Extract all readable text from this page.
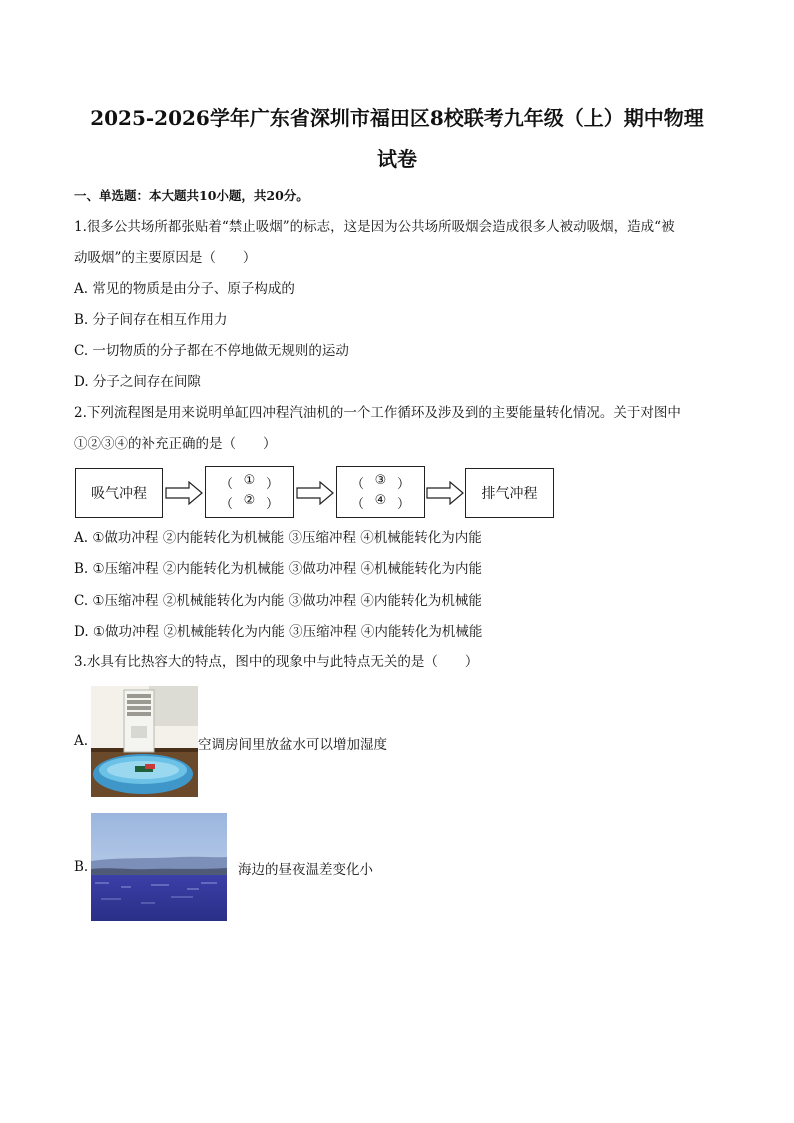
2025-2026学年广东省深圳市福田区8校联考九年级（上）期中物理
试卷
一、单选题：本大题共10小题，共20分。
1.很多公共场所都张贴着“禁止吸烟”的标志，这是因为公共场所吸烟会造成很多人被动吸烟，造成“被
动吸烟”的主要原因是（　　）
A. 常见的物质是由分子、原子构成的
B. 分子间存在相互作用力
C. 一切物质的分子都在不停地做无规则的运动
D. 分子之间存在间隙
2.下列流程图是用来说明单缸四冲程汽油机的一个工作循环及涉及到的主要能量转化情况。关于对图中
①②③④的补充正确的是（　　）
吸气冲程
（ ① ）
（ ② ）
（ ③ ）
（ ④ ）
排气冲程
A. ①做功冲程 ②内能转化为机械能 ③压缩冲程 ④机械能转化为内能
B. ①压缩冲程 ②内能转化为机械能 ③做功冲程 ④机械能转化为内能
C. ①压缩冲程 ②机械能转化为内能 ③做功冲程 ④内能转化为机械能
D. ①做功冲程 ②机械能转化为内能 ③压缩冲程 ④内能转化为机械能
3.水具有比热容大的特点，图中的现象中与此特点无关的是（　　）
A.	空调房间里放盆水可以增加湿度
B.	海边的昼夜温差变化小
